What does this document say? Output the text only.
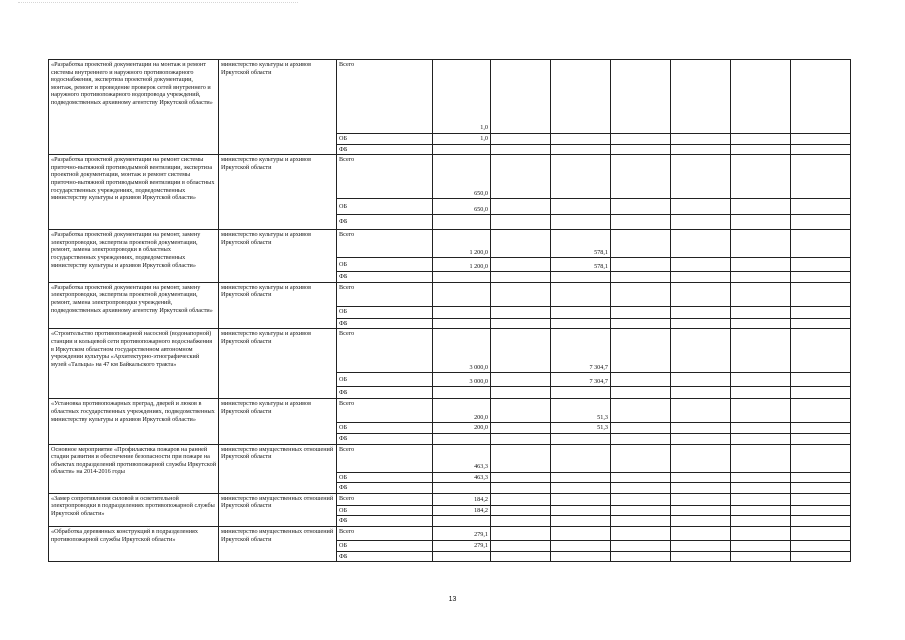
«Разработка проектной документации на монтаж и ремонт системы внутреннего и наружного противопожарного водоснабжения, экспертиза проектной документации, монтаж, ремонт и проведение проверок сетей внутреннего и наружного противопожарного водопровода учреждений, подведомственных архивному агентству Иркутской области»	министерство культуры и архивов Иркутской области	Всего	1,0							
		ОБ	1,0							
		ФБ								
«Разработка проектной документации на ремонт системы приточно-вытяжной противодымной вентиляции, экспертиза проектной документации, монтаж и ремонт системы приточно-вытяжной противодымной вентиляции в областных государственных учреждениях, подведомственных министерству культуры и архивов Иркутской области»	министерство культуры и архивов Иркутской области	Всего	650,0							
		ОБ	650,0							
		ФБ								
«Разработка проектной документации на ремонт, замену электропроводки, экспертиза проектной документации, ремонт, замена электропроводки в областных государственных учреждениях, подведомственных министерству культуры и архивов Иркутской области»	министерство культуры и архивов Иркутской области	Всего	1 200,0		578,1					
		ОБ	1 200,0		578,1					
		ФБ								
«Разработка проектной документации на ремонт, замену электропроводки, экспертиза проектной документации, ремонт, замена электропроводки учреждений, подведомственных архивному агентству Иркутской области»	министерство культуры и архивов Иркутской области	Всего								
		ОБ								
		ФБ								
«Строительство противопожарной насосной (водонапорной) станции и кольцевой сети противопожарного водоснабжения в Иркутском областном государственном автономном учреждении культуры «Архитектурно-этнографический музей «Тальцы» на 47 км Байкальского тракта»	министерство культуры и архивов Иркутской области	Всего	3 000,0		7 304,7					
		ОБ	3 000,0		7 304,7					
		ФБ								
«Установка противопожарных преград, дверей и люков в областных государственных учреждениях, подведомственных министерству культуры и архивов Иркутской области»	министерство культуры и архивов Иркутской области	Всего	200,0		51,3					
		ОБ	200,0		51,3					
		ФБ								
Основное мероприятие «Профилактика пожаров на ранней стадии развития и обеспечение безопасности при пожаре на объектах подразделений противопожарной службы Иркутской области» на 2014-2016 годы	министерство имущественных отношений Иркутской области	Всего	463,3							
		ОБ	463,3							
		ФБ								
«Замер сопротивления силовой и осветительной электропроводки в подразделениях противопожарной службы Иркутской области»	министерство имущественных отношений Иркутской области	Всего	184,2							
		ОБ	184,2							
		ФБ								
«Обработка деревянных конструкций в подразделениях противопожарной службы Иркутской области»	министерство имущественных отношений Иркутской области	Всего	279,1							
		ОБ	279,1							
		ФБ								
13
